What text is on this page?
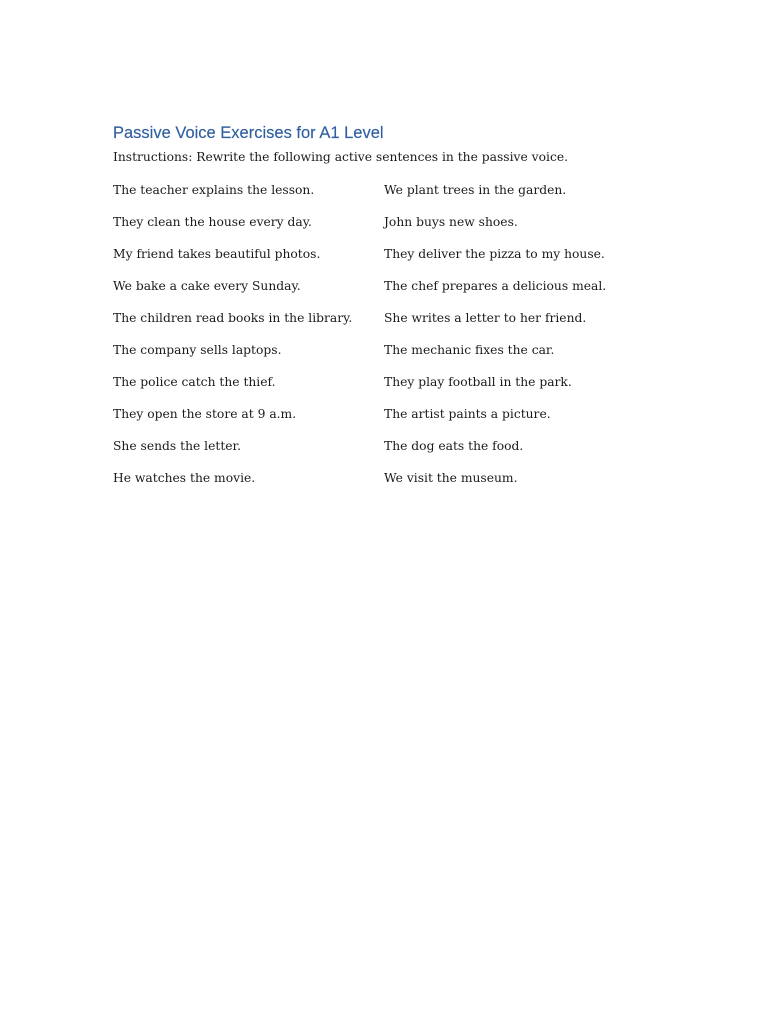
Passive Voice Exercises for A1 Level
Instructions: Rewrite the following active sentences in the passive voice.
The teacher explains the lesson.	We plant trees in the garden.
They clean the house every day.	John buys new shoes.
My friend takes beautiful photos.	They deliver the pizza to my house.
We bake a cake every Sunday.	The chef prepares a delicious meal.
The children read books in the library.	She writes a letter to her friend.
The company sells laptops.	The mechanic fixes the car.
The police catch the thief.	They play football in the park.
They open the store at 9 a.m.	The artist paints a picture.
She sends the letter.	The dog eats the food.
He watches the movie.	We visit the museum.
